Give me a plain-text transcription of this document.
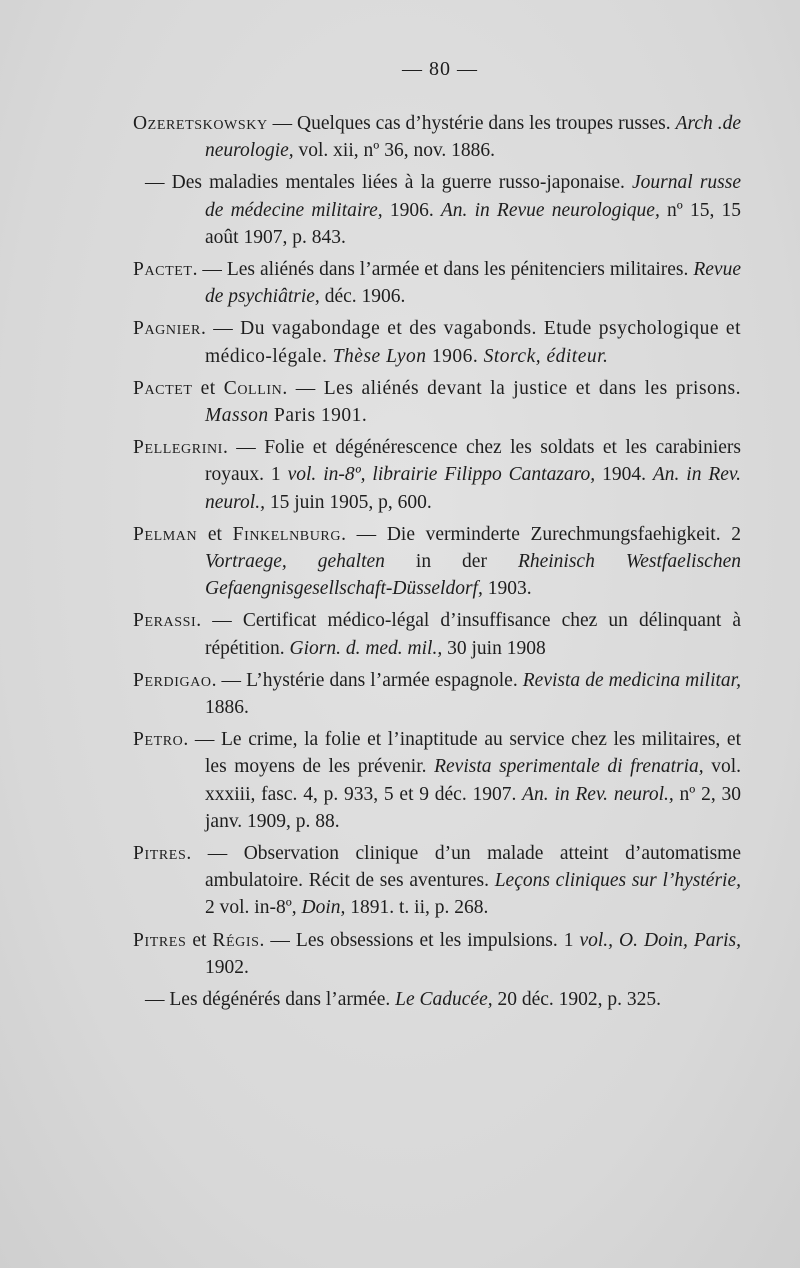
— 80 —

Ozeretskowsky — Quelques cas d’hystérie dans les troupes russes. Arch .de neurologie, vol. xii, nº 36, nov. 1886.

— Des maladies mentales liées à la guerre russo-japonaise. Journal russe de médecine militaire, 1906. An. in Revue neurologique, nº 15, 15 août 1907, p. 843.

Pactet. — Les aliénés dans l’armée et dans les pénitenciers militaires. Revue de psychiâtrie, déc. 1906.

Pagnier. — Du vagabondage et des vagabonds. Etude psychologique et médico-légale. Thèse Lyon 1906. Storck, éditeur.

Pactet et Collin. — Les aliénés devant la justice et dans les prisons. Masson Paris 1901.

Pellegrini. — Folie et dégénérescence chez les soldats et les carabiniers royaux. 1 vol. in-8º, librairie Filippo Cantazaro, 1904. An. in Rev. neurol., 15 juin 1905, p, 600.

Pelman et Finkelnburg. — Die verminderte Zurechmungsfaehigkeit. 2 Vortraege, gehalten in der Rheinisch Westfaelischen Gefaengnisgesellschaft-Düsseldorf, 1903.

Perassi. — Certificat médico-légal d’insuffisance chez un délinquant à répétition. Giorn. d. med. mil., 30 juin 1908

Perdigao. — L’hystérie dans l’armée espagnole. Revista de medicina militar, 1886.

Petro. — Le crime, la folie et l’inaptitude au service chez les militaires, et les moyens de les prévenir. Revista sperimentale di frenatria, vol. xxxiii, fasc. 4, p. 933, 5 et 9 déc. 1907. An. in Rev. neurol., nº 2, 30 janv. 1909, p. 88.

Pitres. — Observation clinique d’un malade atteint d’automatisme ambulatoire. Récit de ses aventures. Leçons cliniques sur l’hystérie, 2 vol. in-8º, Doin, 1891. t. ii, p. 268.

Pitres et Régis. — Les obsessions et les impulsions. 1 vol., O. Doin, Paris, 1902.

— Les dégénérés dans l’armée. Le Caducée, 20 déc. 1902, p. 325.
